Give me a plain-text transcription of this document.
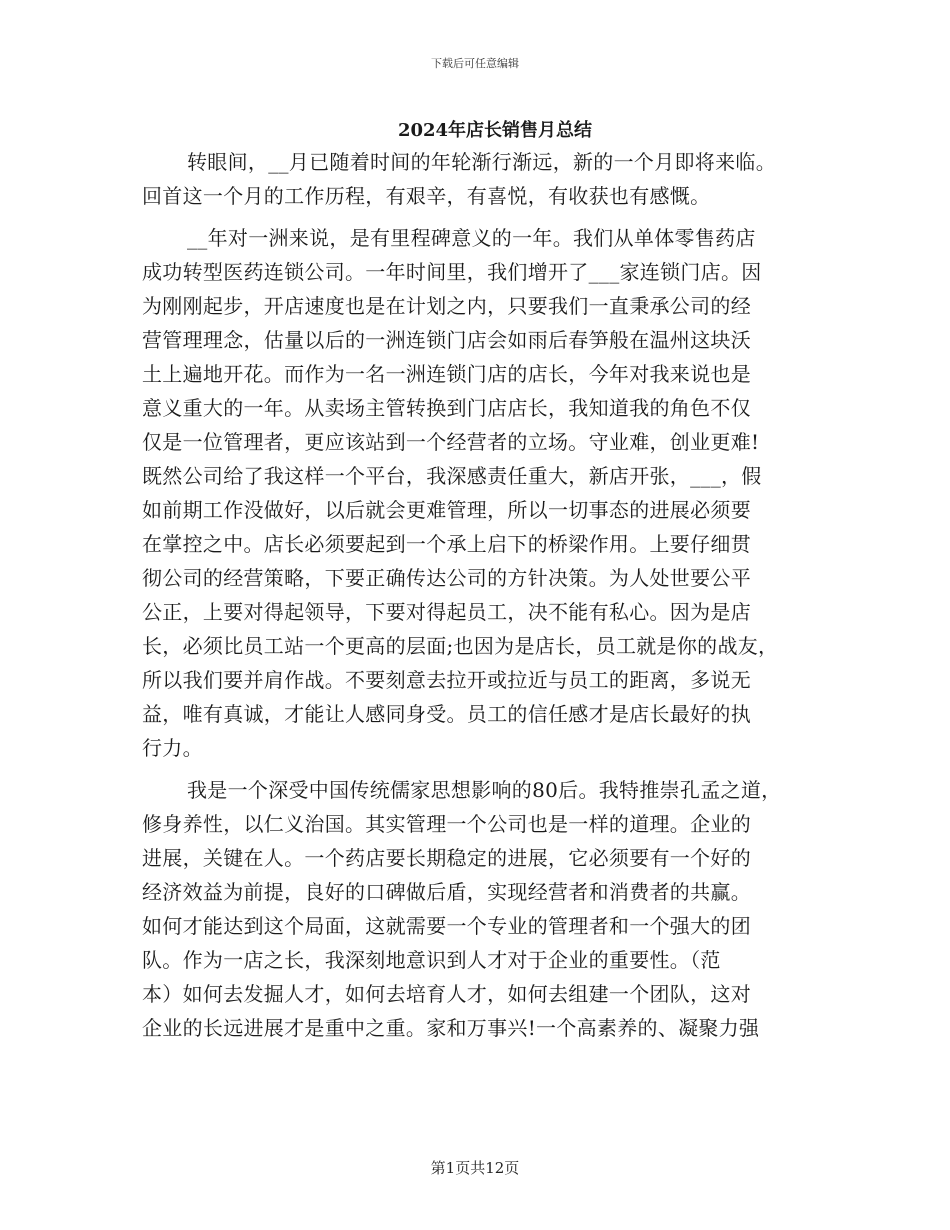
下载后可任意编辑
2024年店长销售月总结
转眼间，__月已随着时间的年轮渐行渐远，新的一个月即将来临。
回首这一个月的工作历程，有艰辛，有喜悦，有收获也有感慨。
__年对一洲来说，是有里程碑意义的一年。我们从单体零售药店
成功转型医药连锁公司。一年时间里，我们增开了___家连锁门店。因
为刚刚起步，开店速度也是在计划之内，只要我们一直秉承公司的经
营管理理念，估量以后的一洲连锁门店会如雨后春笋般在温州这块沃
土上遍地开花。而作为一名一洲连锁门店的店长，今年对我来说也是
意义重大的一年。从卖场主管转换到门店店长，我知道我的角色不仅
仅是一位管理者，更应该站到一个经营者的立场。守业难，创业更难!
既然公司给了我这样一个平台，我深感责任重大，新店开张，___，假
如前期工作没做好，以后就会更难管理，所以一切事态的进展必须要
在掌控之中。店长必须要起到一个承上启下的桥梁作用。上要仔细贯
彻公司的经营策略，下要正确传达公司的方针决策。为人处世要公平
公正，上要对得起领导，下要对得起员工，决不能有私心。因为是店
长，必须比员工站一个更高的层面;也因为是店长，员工就是你的战友，
所以我们要并肩作战。不要刻意去拉开或拉近与员工的距离，多说无
益，唯有真诚，才能让人感同身受。员工的信任感才是店长最好的执
行力。
我是一个深受中国传统儒家思想影响的80后。我特推崇孔孟之道，
修身养性，以仁义治国。其实管理一个公司也是一样的道理。企业的
进展，关键在人。一个药店要长期稳定的进展，它必须要有一个好的
经济效益为前提，良好的口碑做后盾，实现经营者和消费者的共赢。
如何才能达到这个局面，这就需要一个专业的管理者和一个强大的团
队。作为一店之长，我深刻地意识到人才对于企业的重要性。（范
本）如何去发掘人才，如何去培育人才，如何去组建一个团队，这对
企业的长远进展才是重中之重。家和万事兴!一个高素养的、凝聚力强
第1页共12页
